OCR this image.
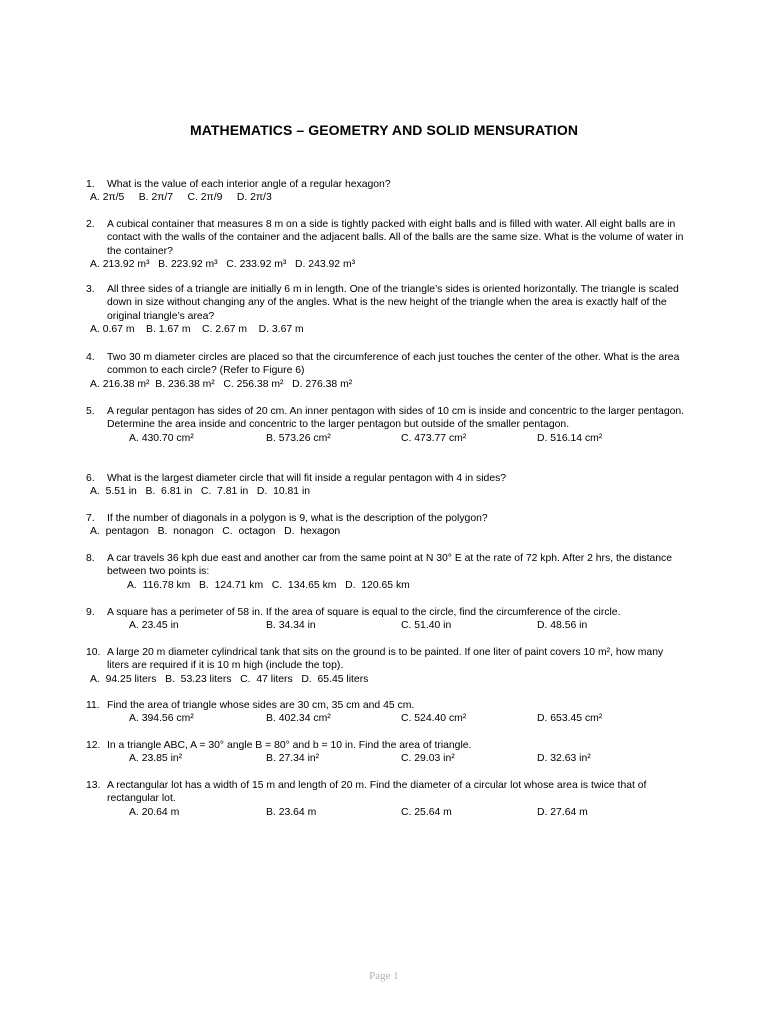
MATHEMATICS – GEOMETRY AND SOLID MENSURATION
1. What is the value of each interior angle of a regular hexagon?
A. 2π/5     B. 2π/7     C. 2π/9     D. 2π/3
2. A cubical container that measures 8 m on a side is tightly packed with eight balls and is filled with water. All eight balls are in contact with the walls of the container and the adjacent balls. All of the balls are the same size. What is the volume of water in the container?
A. 213.92 m³   B. 223.92 m³   C. 233.92 m³   D. 243.92 m³
3. All three sides of a triangle are initially 6 m in length. One of the triangle’s sides is oriented horizontally. The triangle is scaled down in size without changing any of the angles. What is the new height of the triangle when the area is exactly half of the original triangle’s area?
A. 0.67 m    B. 1.67 m    C. 2.67 m    D. 3.67 m
4. Two 30 m diameter circles are placed so that the circumference of each just touches the center of the other. What is the area common to each circle? (Refer to Figure 6)
A. 216.38 m²  B. 236.38 m²   C. 256.38 m²   D. 276.38 m²
5. A regular pentagon has sides of 20 cm. An inner pentagon with sides of 10 cm is inside and concentric to the larger pentagon. Determine the area inside and concentric to the larger pentagon but outside of the smaller pentagon.
A. 430.70 cm²	B. 573.26 cm²	C. 473.77 cm²	D. 516.14 cm²
6. What is the largest diameter circle that will fit inside a regular pentagon with 4 in sides?
A.  5.51 in   B.  6.81 in   C.  7.81 in   D.  10.81 in
7. If the number of diagonals in a polygon is 9, what is the description of the polygon?
A.  pentagon   B.  nonagon   C.  octagon   D.  hexagon
8. A car travels 36 kph due east and another car from the same point at N 30° E at the rate of 72 kph. After 2 hrs, the distance between two points is:
A.  116.78 km   B.  124.71 km   C.  134.65 km   D.  120.65 km
9. A square has a perimeter of 58 in. If the area of square is equal to the circle, find the circumference of the circle.
A. 23.45 in	B. 34.34 in	C. 51.40 in	D. 48.56 in
10. A large 20 m diameter cylindrical tank that sits on the ground is to be painted. If one liter of paint covers 10 m², how many liters are required if it is 10 m high (include the top).
A.  94.25 liters   B.  53.23 liters   C.  47 liters   D.  65.45 liters
11. Find the area of triangle whose sides are 30 cm, 35 cm and 45 cm.
A. 394.56 cm²	B. 402.34 cm²	C. 524.40 cm²	D. 653.45 cm²
12. In a triangle ABC, A = 30° angle B = 80° and b = 10 in. Find the area of triangle.
A. 23.85 in²	B. 27.34 in²	C. 29.03 in²	D. 32.63 in²
13. A rectangular lot has a width of 15 m and length of 20 m. Find the diameter of a circular lot whose area is twice that of rectangular lot.
A. 20.64 m	B. 23.64 m	C. 25.64 m	D. 27.64 m
Page 1
